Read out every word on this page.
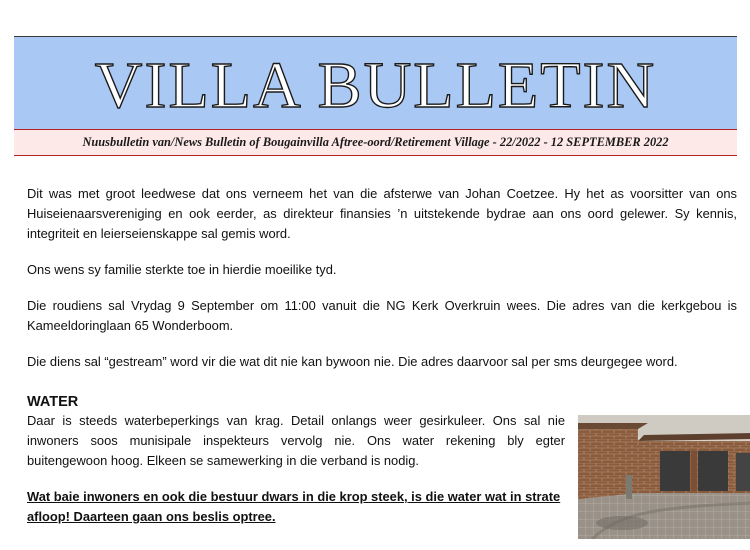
VILLA BULLETIN
Nuusbulletin van/News Bulletin of Bougainvilla Aftree-oord/Retirement Village - 22/2022 - 12 SEPTEMBER 2022

Dit was met groot leedwese dat ons verneem het van die afsterwe van Johan Coetzee. Hy het as voorsitter van ons Huiseienaarsvereniging en ook eerder, as direkteur finansies ’n uitstekende bydrae aan ons oord gelewer. Sy kennis, integriteit en leierseienskappe sal gemis word.

Ons wens sy familie sterkte toe in hierdie moeilike tyd.

Die roudiens sal Vrydag 9 September om 11:00 vanuit die NG Kerk Overkruin wees. Die adres van die kerkgebou is Kameeldoringlaan 65 Wonderboom.

Die diens sal “gestream” word vir die wat dit nie kan bywoon nie. Die adres daarvoor sal per sms deurgegee word.

WATER

Daar is steeds waterbeperkings van krag. Detail onlangs weer gesirkuleer. Ons sal nie inwoners soos munisipale inspekteurs vervolg nie. Ons water rekening bly egter buitengewoon hoog. Elkeen se samewerking in die verband is nodig.

Wat baie inwoners en ook die bestuur dwars in die krop steek, is die water wat in strate afloop! Daarteen gaan ons beslis optree.
